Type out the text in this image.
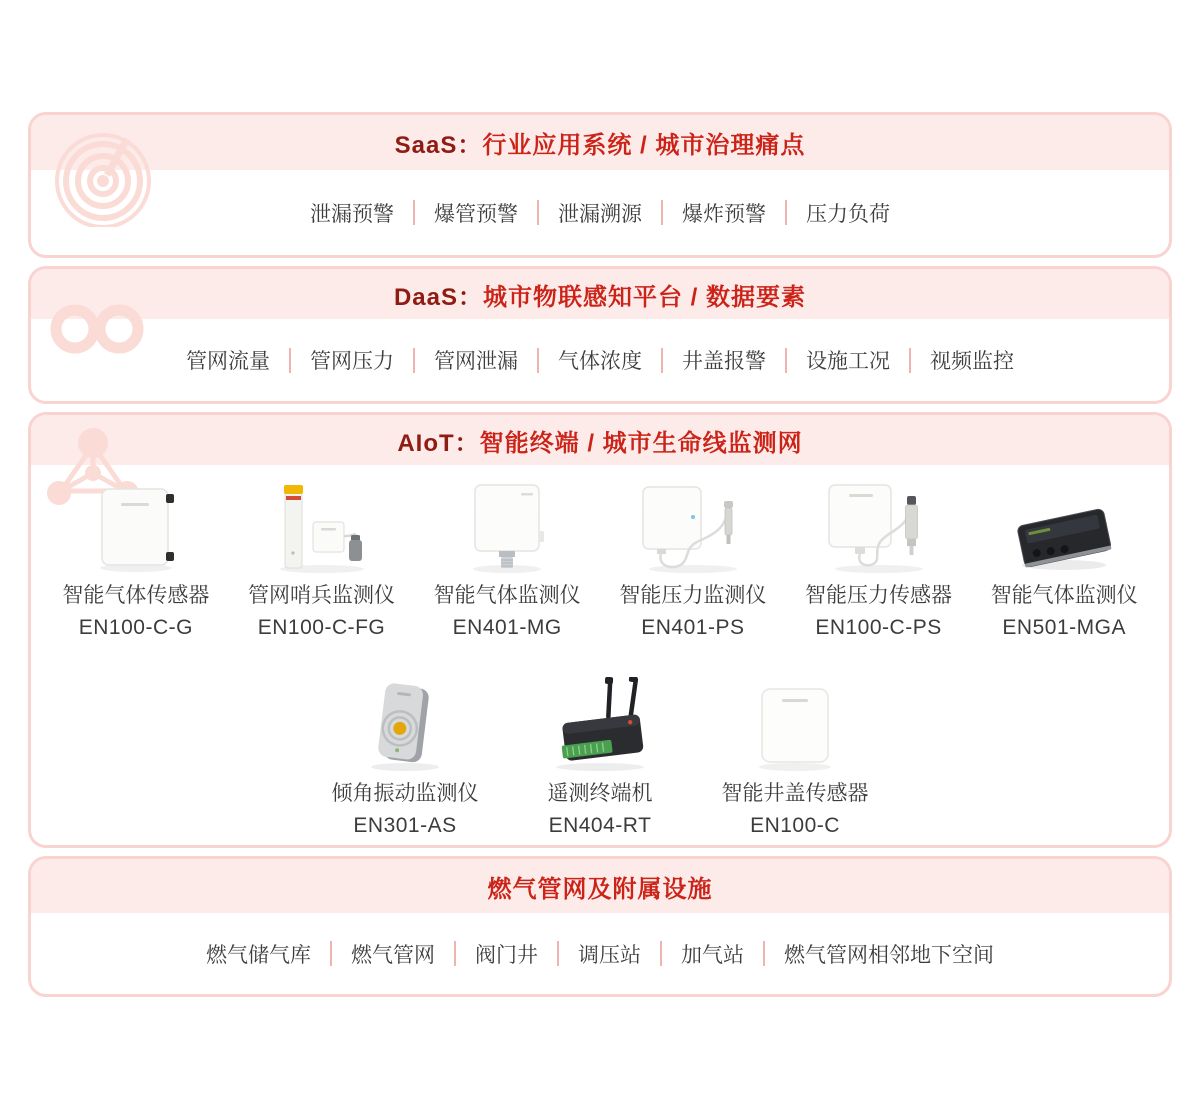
SaaS：行业应用系统 / 城市治理痛点
泄漏预警	爆管预警	泄漏溯源	爆炸预警	压力负荷
DaaS：城市物联感知平台 / 数据要素
管网流量	管网压力	管网泄漏	气体浓度	井盖报警	设施工况	视频监控
AIoT：智能终端 / 城市生命线监测网
智能气体传感器
EN100-C-G
管网哨兵监测仪
EN100-C-FG
智能气体监测仪
EN401-MG
智能压力监测仪
EN401-PS
智能压力传感器
EN100-C-PS
智能气体监测仪
EN501-MGA
倾角振动监测仪
EN301-AS
遥测终端机
EN404-RT
智能井盖传感器
EN100-C
燃气管网及附属设施
燃气储气库	燃气管网	阀门井	调压站	加气站	燃气管网相邻地下空间
